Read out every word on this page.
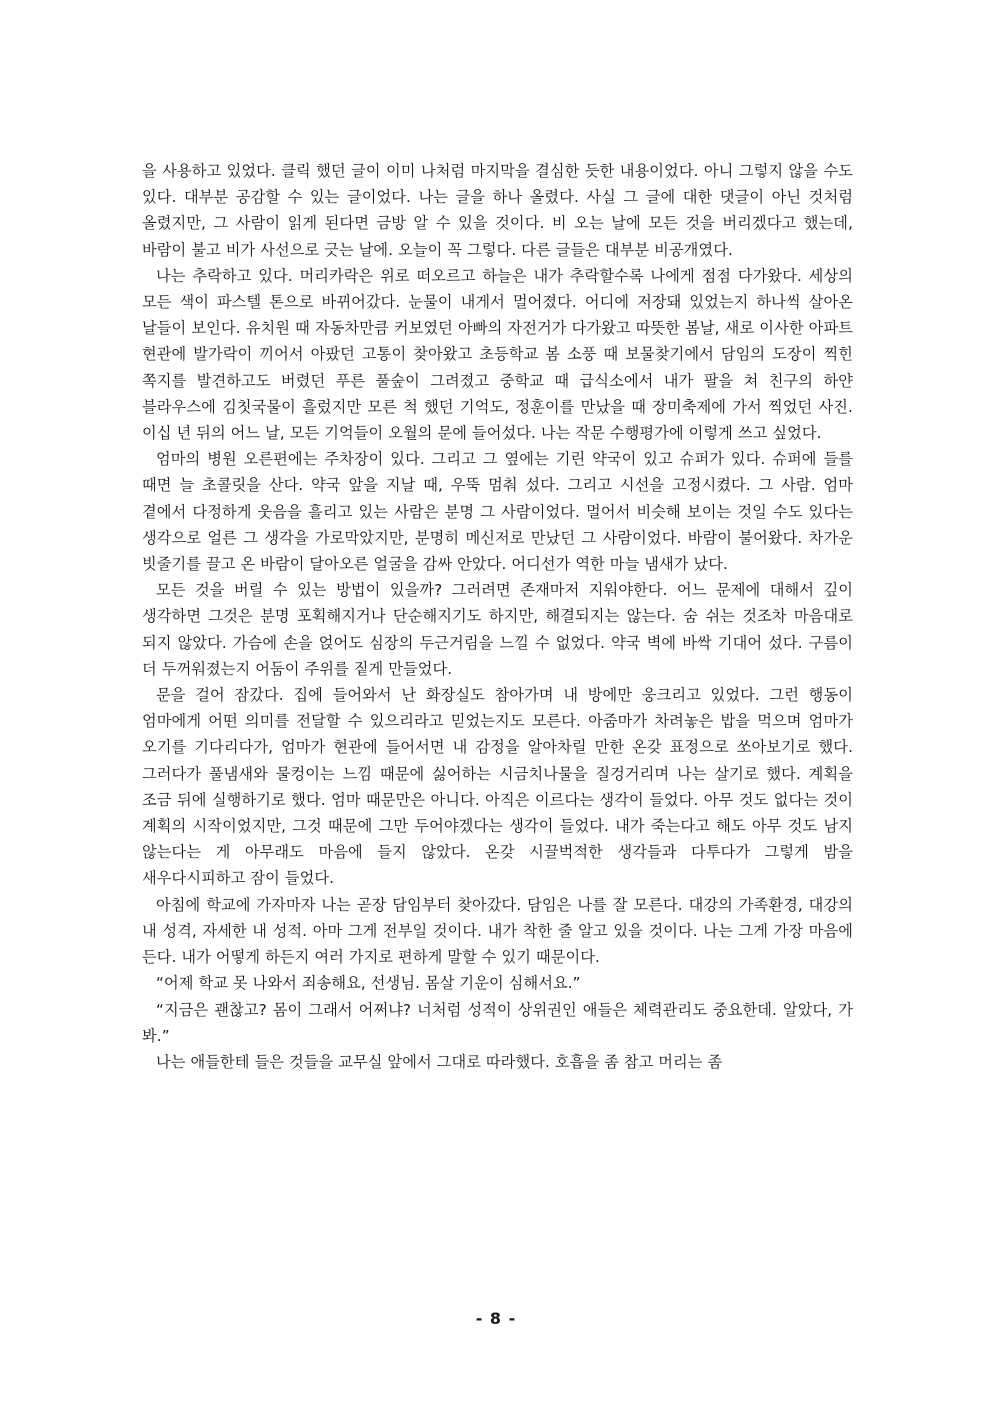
을 사용하고 있었다. 클릭 했던 글이 이미 나처럼 마지막을 결심한 듯한 내용이었다. 아니 그렇지 않을 수도 있다. 대부분 공감할 수 있는 글이었다. 나는 글을 하나 올렸다. 사실 그 글에 대한 댓글이 아닌 것처럼 올렸지만, 그 사람이 읽게 된다면 금방 알 수 있을 것이다. 비 오는 날에 모든 것을 버리겠다고 했는데, 바람이 불고 비가 사선으로 긋는 날에. 오늘이 꼭 그렇다. 다른 글들은 대부분 비공개였다.

나는 추락하고 있다. 머리카락은 위로 떠오르고 하늘은 내가 추락할수록 나에게 점점 다가왔다. 세상의 모든 색이 파스텔 톤으로 바뀌어갔다. 눈물이 내게서 멀어졌다. 어디에 저장돼 있었는지 하나씩 살아온 날들이 보인다. 유치원 때 자동차만큼 커보였던 아빠의 자전거가 다가왔고 따뜻한 봄날, 새로 이사한 아파트 현관에 발가락이 끼어서 아팠던 고통이 찾아왔고 초등학교 봄 소풍 때 보물찾기에서 담임의 도장이 찍힌 쪽지를 발견하고도 버렸던 푸른 풀숲이 그려졌고 중학교 때 급식소에서 내가 팔을 쳐 친구의 하얀 블라우스에 김칫국물이 흘렀지만 모른 척 했던 기억도, 정훈이를 만났을 때 장미축제에 가서 찍었던 사진. 이십 년 뒤의 어느 날, 모든 기억들이 오월의 문에 들어섰다. 나는 작문 수행평가에 이렇게 쓰고 싶었다.

엄마의 병원 오른편에는 주차장이 있다. 그리고 그 옆에는 기린 약국이 있고 슈퍼가 있다. 슈퍼에 들를 때면 늘 초콜릿을 산다. 약국 앞을 지날 때, 우뚝 멈춰 섰다. 그리고 시선을 고정시켰다. 그 사람. 엄마 곁에서 다정하게 웃음을 흘리고 있는 사람은 분명 그 사람이었다. 멀어서 비슷해 보이는 것일 수도 있다는 생각으로 얼른 그 생각을 가로막았지만, 분명히 메신저로 만났던 그 사람이었다. 바람이 불어왔다. 차가운 빗줄기를 끌고 온 바람이 달아오른 얼굴을 감싸 안았다. 어디선가 역한 마늘 냄새가 났다.

모든 것을 버릴 수 있는 방법이 있을까? 그러려면 존재마저 지워야한다. 어느 문제에 대해서 깊이 생각하면 그것은 분명 포획해지거나 단순해지기도 하지만, 해결되지는 않는다. 숨 쉬는 것조차 마음대로 되지 않았다. 가슴에 손을 얹어도 심장의 두근거림을 느낄 수 없었다. 약국 벽에 바싹 기대어 섰다. 구름이 더 두꺼워졌는지 어둠이 주위를 짙게 만들었다.

문을 걸어 잠갔다. 집에 들어와서 난 화장실도 참아가며 내 방에만 웅크리고 있었다. 그런 행동이 엄마에게 어떤 의미를 전달할 수 있으리라고 믿었는지도 모른다. 아줌마가 차려놓은 밥을 먹으며 엄마가 오기를 기다리다가, 엄마가 현관에 들어서면 내 감정을 알아차릴 만한 온갖 표정으로 쏘아보기로 했다. 그러다가 풀냄새와 물컹이는 느낌 때문에 싫어하는 시금치나물을 질겅거리며 나는 살기로 했다. 계획을 조금 뒤에 실행하기로 했다. 엄마 때문만은 아니다. 아직은 이르다는 생각이 들었다. 아무 것도 없다는 것이 계획의 시작이었지만, 그것 때문에 그만 두어야겠다는 생각이 들었다. 내가 죽는다고 해도 아무 것도 남지 않는다는 게 아무래도 마음에 들지 않았다. 온갖 시끌벅적한 생각들과 다투다가 그렇게 밤을 새우다시피하고 잠이 들었다.

아침에 학교에 가자마자 나는 곧장 담임부터 찾아갔다. 담임은 나를 잘 모른다. 대강의 가족환경, 대강의 내 성격, 자세한 내 성적. 아마 그게 전부일 것이다. 내가 착한 줄 알고 있을 것이다. 나는 그게 가장 마음에 든다. 내가 어떻게 하든지 여러 가지로 편하게 말할 수 있기 때문이다.

“어제 학교 못 나와서 죄송해요, 선생님. 몸살 기운이 심해서요.”

“지금은 괜찮고? 몸이 그래서 어쩌냐? 너처럼 성적이 상위권인 애들은 체력관리도 중요한데. 알았다, 가 봐.”

나는 애들한테 들은 것들을 교무실 앞에서 그대로 따라했다. 호흡을 좀 참고 머리는 좀

- 8 -
